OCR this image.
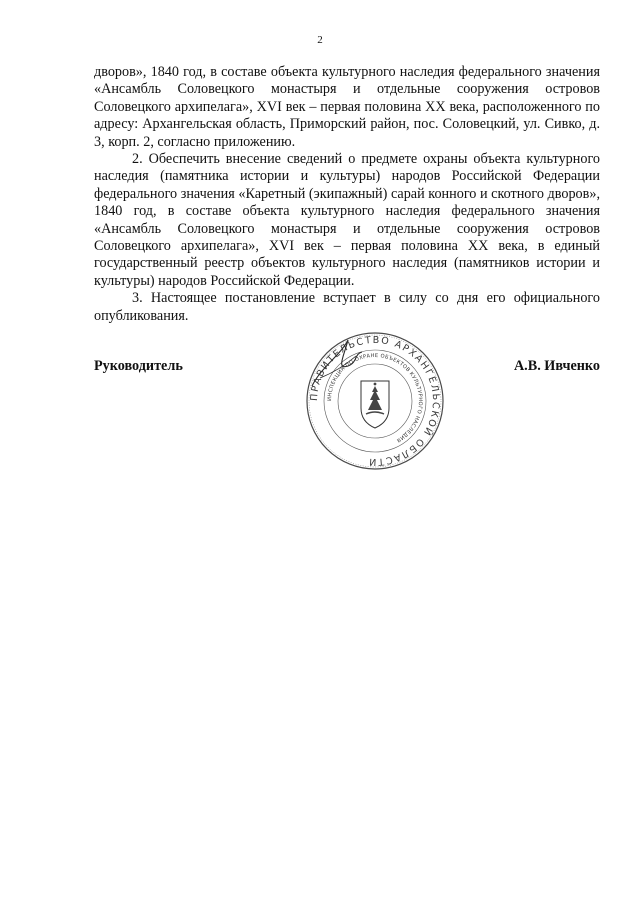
2

дворов», 1840 год, в составе объекта культурного наследия федерального значения «Ансамбль Соловецкого монастыря и отдельные сооружения островов Соловецкого архипелага», XVI век – первая половина XX века, расположенного по адресу: Архангельская область, Приморский район, пос. Соловецкий, ул. Сивко, д. 3, корп. 2, согласно приложению.

2. Обеспечить внесение сведений о предмете охраны объекта культурного наследия (памятника истории и культуры) народов Российской Федерации федерального значения «Каретный (экипажный) сарай конного и скотного дворов», 1840 год, в составе объекта культурного наследия федерального значения «Ансамбль Соловецкого монастыря и отдельные сооружения островов Соловецкого архипелага», XVI век – первая половина XX века, в единый государственный реестр объектов культурного наследия (памятников истории и культуры) народов Российской Федерации.

3. Настоящее постановление вступает в силу со дня его официального опубликования.

Руководитель	А.В. Ивченко
ПРАВИТЕЛЬСТВО АРХАНГЕЛЬСКОЙ ОБЛАСТИ
ИНСПЕКЦИЯ ПО ОХРАНЕ ОБЪЕКТОВ КУЛЬТУРНОГО НАСЛЕДИЯ
